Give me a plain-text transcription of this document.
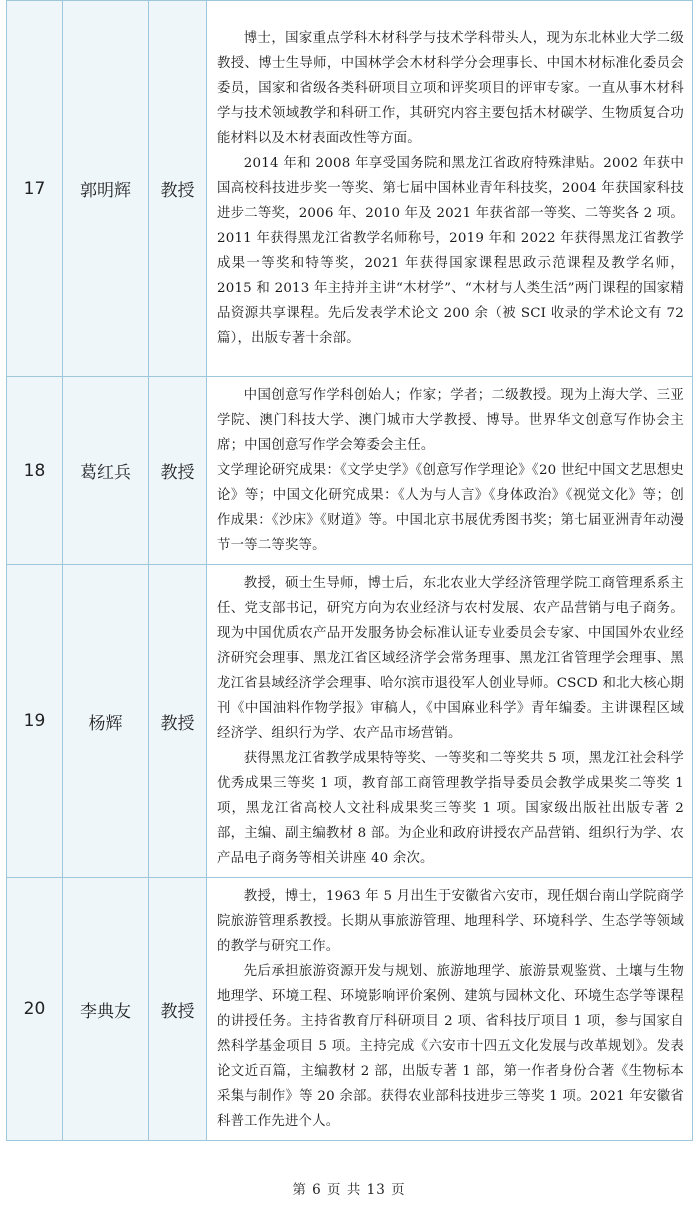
17	郭明辉	教授	博士，国家重点学科木材科学与技术学科带头人，现为东北林业大学二级教授、博士生导师，中国林学会木材科学分会理事长、中国木材标准化委员会委员，国家和省级各类科研项目立项和评奖项目的评审专家。一直从事木材科学与技术领域教学和科研工作，其研究内容主要包括木材碳学、生物质复合功能材料以及木材表面改性等方面。

2014 年和 2008 年享受国务院和黑龙江省政府特殊津贴。2002 年获中国高校科技进步奖一等奖、第七届中国林业青年科技奖，2004 年获国家科技进步二等奖，2006 年、2010 年及 2021 年获省部一等奖、二等奖各 2 项。2011 年获得黑龙江省教学名师称号，2019 年和 2022 年获得黑龙江省教学成果一等奖和特等奖，2021 年获得国家课程思政示范课程及教学名师，2015 和 2013 年主持并主讲“木材学”、“木材与人类生活”两门课程的国家精品资源共享课程。先后发表学术论文 200 余（被 SCI 收录的学术论文有 72 篇），出版专著十余部。

18	葛红兵	教授	中国创意写作学科创始人；作家；学者；二级教授。现为上海大学、三亚学院、澳门科技大学、澳门城市大学教授、博导。世界华文创意写作协会主席；中国创意写作学会筹委会主任。

文学理论研究成果：《文学史学》《创意写作学理论》《20 世纪中国文艺思想史论》等；中国文化研究成果：《人为与人言》《身体政治》《视觉文化》等；创作成果：《沙床》《财道》等。中国北京书展优秀图书奖；第七届亚洲青年动漫节一等二等奖等。

19	杨辉	教授	教授，硕士生导师，博士后，东北农业大学经济管理学院工商管理系系主任、党支部书记，研究方向为农业经济与农村发展、农产品营销与电子商务。现为中国优质农产品开发服务协会标准认证专业委员会专家、中国国外农业经济研究会理事、黑龙江省区域经济学会常务理事、黑龙江省管理学会理事、黑龙江省县域经济学会理事、哈尔滨市退役军人创业导师。CSCD 和北大核心期刊《中国油料作物学报》审稿人，《中国麻业科学》青年编委。主讲课程区域经济学、组织行为学、农产品市场营销。

获得黑龙江省教学成果特等奖、一等奖和二等奖共 5 项，黑龙江社会科学优秀成果三等奖 1 项，教育部工商管理教学指导委员会教学成果奖二等奖 1 项，黑龙江省高校人文社科成果奖三等奖 1 项。国家级出版社出版专著 2 部，主编、副主编教材 8 部。为企业和政府讲授农产品营销、组织行为学、农产品电子商务等相关讲座 40 余次。

20	李典友	教授	教授，博士，1963 年 5 月出生于安徽省六安市，现任烟台南山学院商学院旅游管理系教授。长期从事旅游管理、地理科学、环境科学、生态学等领域的教学与研究工作。

先后承担旅游资源开发与规划、旅游地理学、旅游景观鉴赏、土壤与生物地理学、环境工程、环境影响评价案例、建筑与园林文化、环境生态学等课程的讲授任务。主持省教育厅科研项目 2 项、省科技厅项目 1 项，参与国家自然科学基金项目 5 项。主持完成《六安市十四五文化发展与改革规划》。发表论文近百篇，主编教材 2 部，出版专著 1 部，第一作者身份合著《生物标本采集与制作》等 20 余部。获得农业部科技进步三等奖 1 项。2021 年安徽省科普工作先进个人。

第 6 页 共 13 页
